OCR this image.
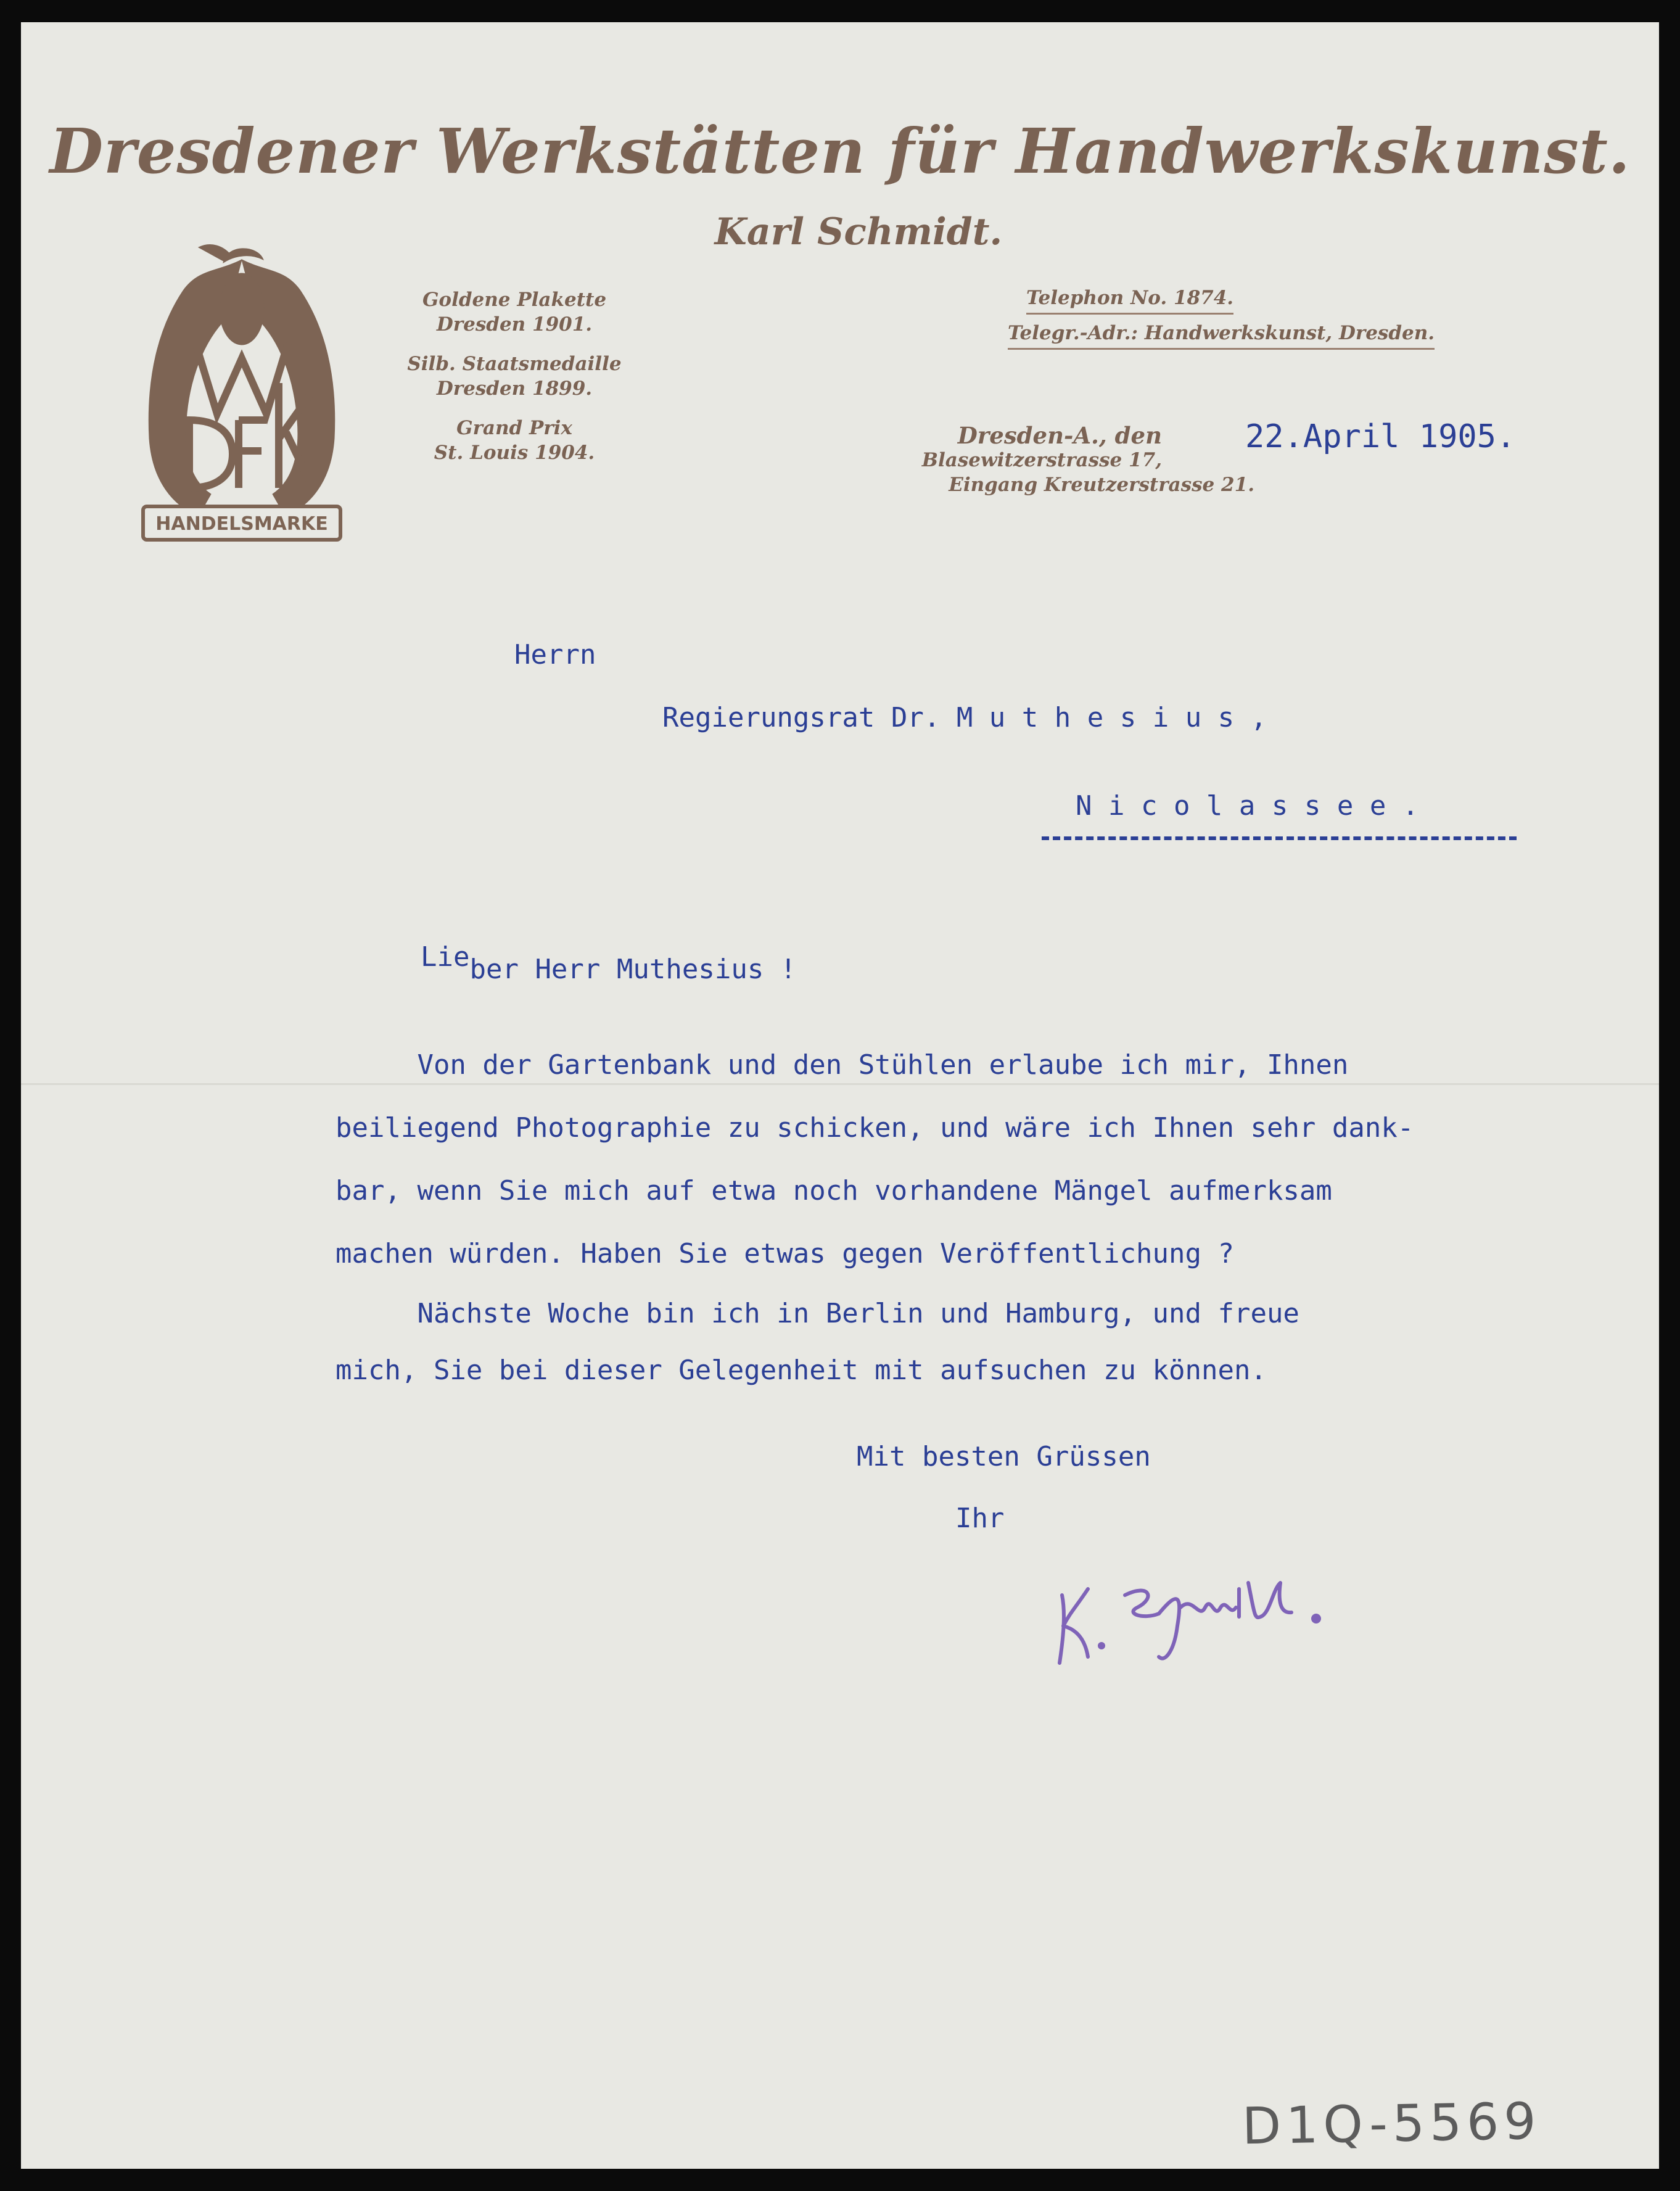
Dresdener Werkstätten für Handwerkskunst.
Karl Schmidt.
HANDELSMARKE
Goldene Plakette
Dresden 1901.
Silb. Staatsmedaille
Dresden 1899.
Grand Prix
St. Louis 1904.
Telephon No. 1874.
Telegr.-Adr.: Handwerkskunst, Dresden.
Dresden-A., den
Blasewitzerstrasse 17,
Eingang Kreutzerstrasse 21.
22.April 1905.
Herrn
Regierungsrat Dr. M u t h e s i u s ,
N i c o l a s s e e .
Lieber Herr Muthesius !

Von der Gartenbank und den Stühlen erlaube ich mir, Ihnen

beiliegend Photographie zu schicken, und wäre ich Ihnen sehr dank-

bar, wenn Sie mich auf etwa noch vorhandene Mängel aufmerksam

machen würden. Haben Sie etwas gegen Veröffentlichung ?

Nächste Woche bin ich in Berlin und Hamburg, und freue

mich, Sie bei dieser Gelegenheit mit aufsuchen zu können.

Mit besten Grüssen
Ihr
D1Q-5569
